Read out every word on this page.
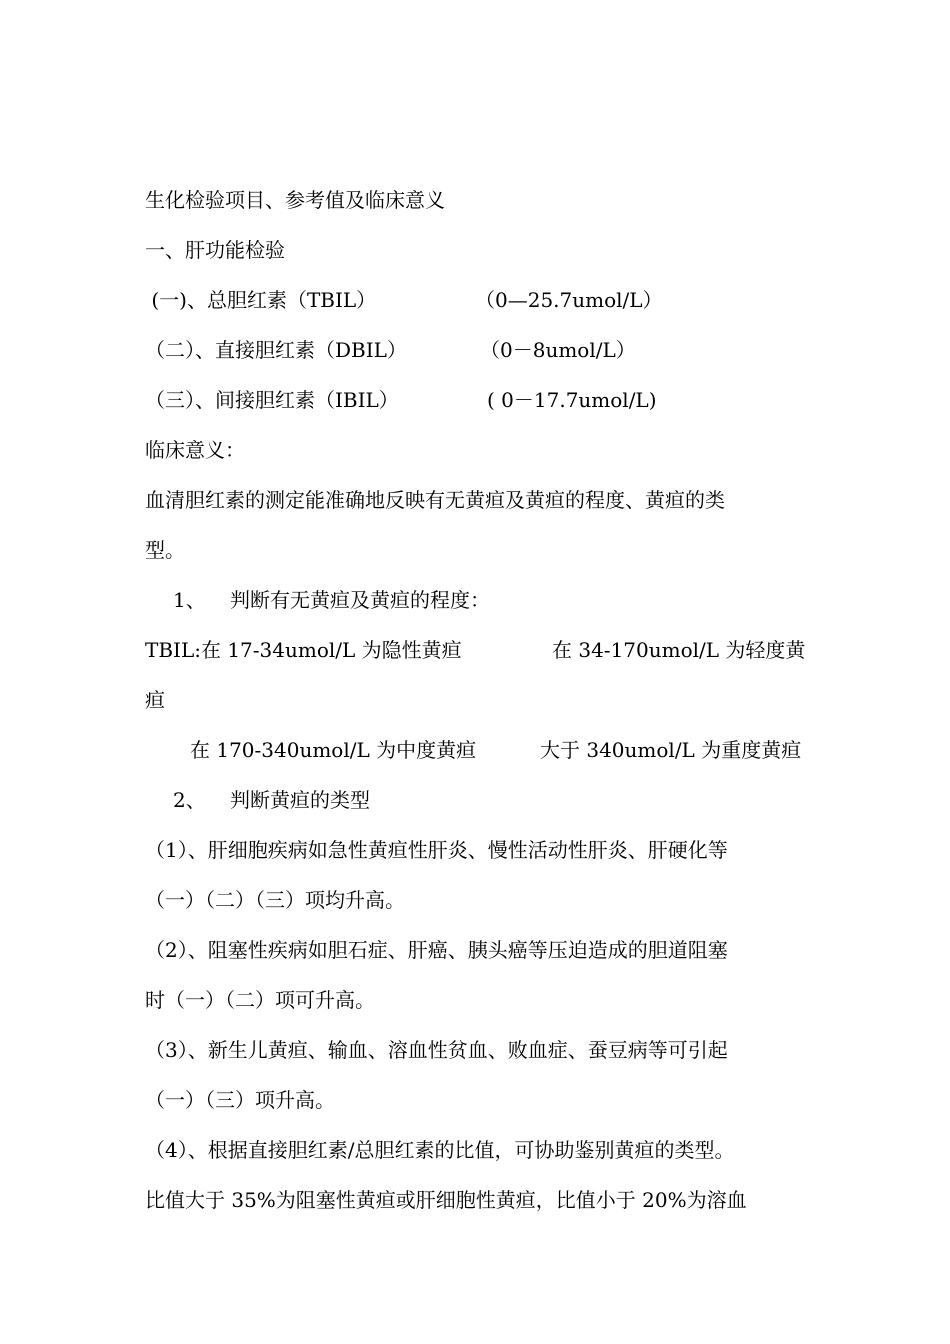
生化检验项目、参考值及临床意义
一、肝功能检验

(一)、总胆红素（TBIL）

	（0—25.7umol/L）

（二）、直接胆红素（DBIL）

	（0－8umol/L）

（三）、间接胆红素（IBIL）

	( 0－17.7umol/L)

临床意义：
血清胆红素的测定能准确地反映有无黄疸及黄疸的程度、黄疸的类
型。

1、

判断有无黄疸及黄疸的程度：

TBIL:在 17-34umol/L 为隐性黄疸

	在 34-170umol/L 为轻度黄

疸

在 170-340umol/L 为中度黄疸

	大于 340umol/L 为重度黄疸

2、

判断黄疸的类型

（1）、肝细胞疾病如急性黄疸性肝炎、慢性活动性肝炎、肝硬化等
（一）（二）（三）项均升高。
（2）、阻塞性疾病如胆石症、肝癌、胰头癌等压迫造成的胆道阻塞
时（一）（二）项可升高。
（3）、新生儿黄疸、输血、溶血性贫血、败血症、蚕豆病等可引起
（一）（三）项升高。
（4）、根据直接胆红素/总胆红素的比值，可协助鉴别黄疸的类型。
比值大于 35%为阻塞性黄疸或肝细胞性黄疸，比值小于 20%为溶血
